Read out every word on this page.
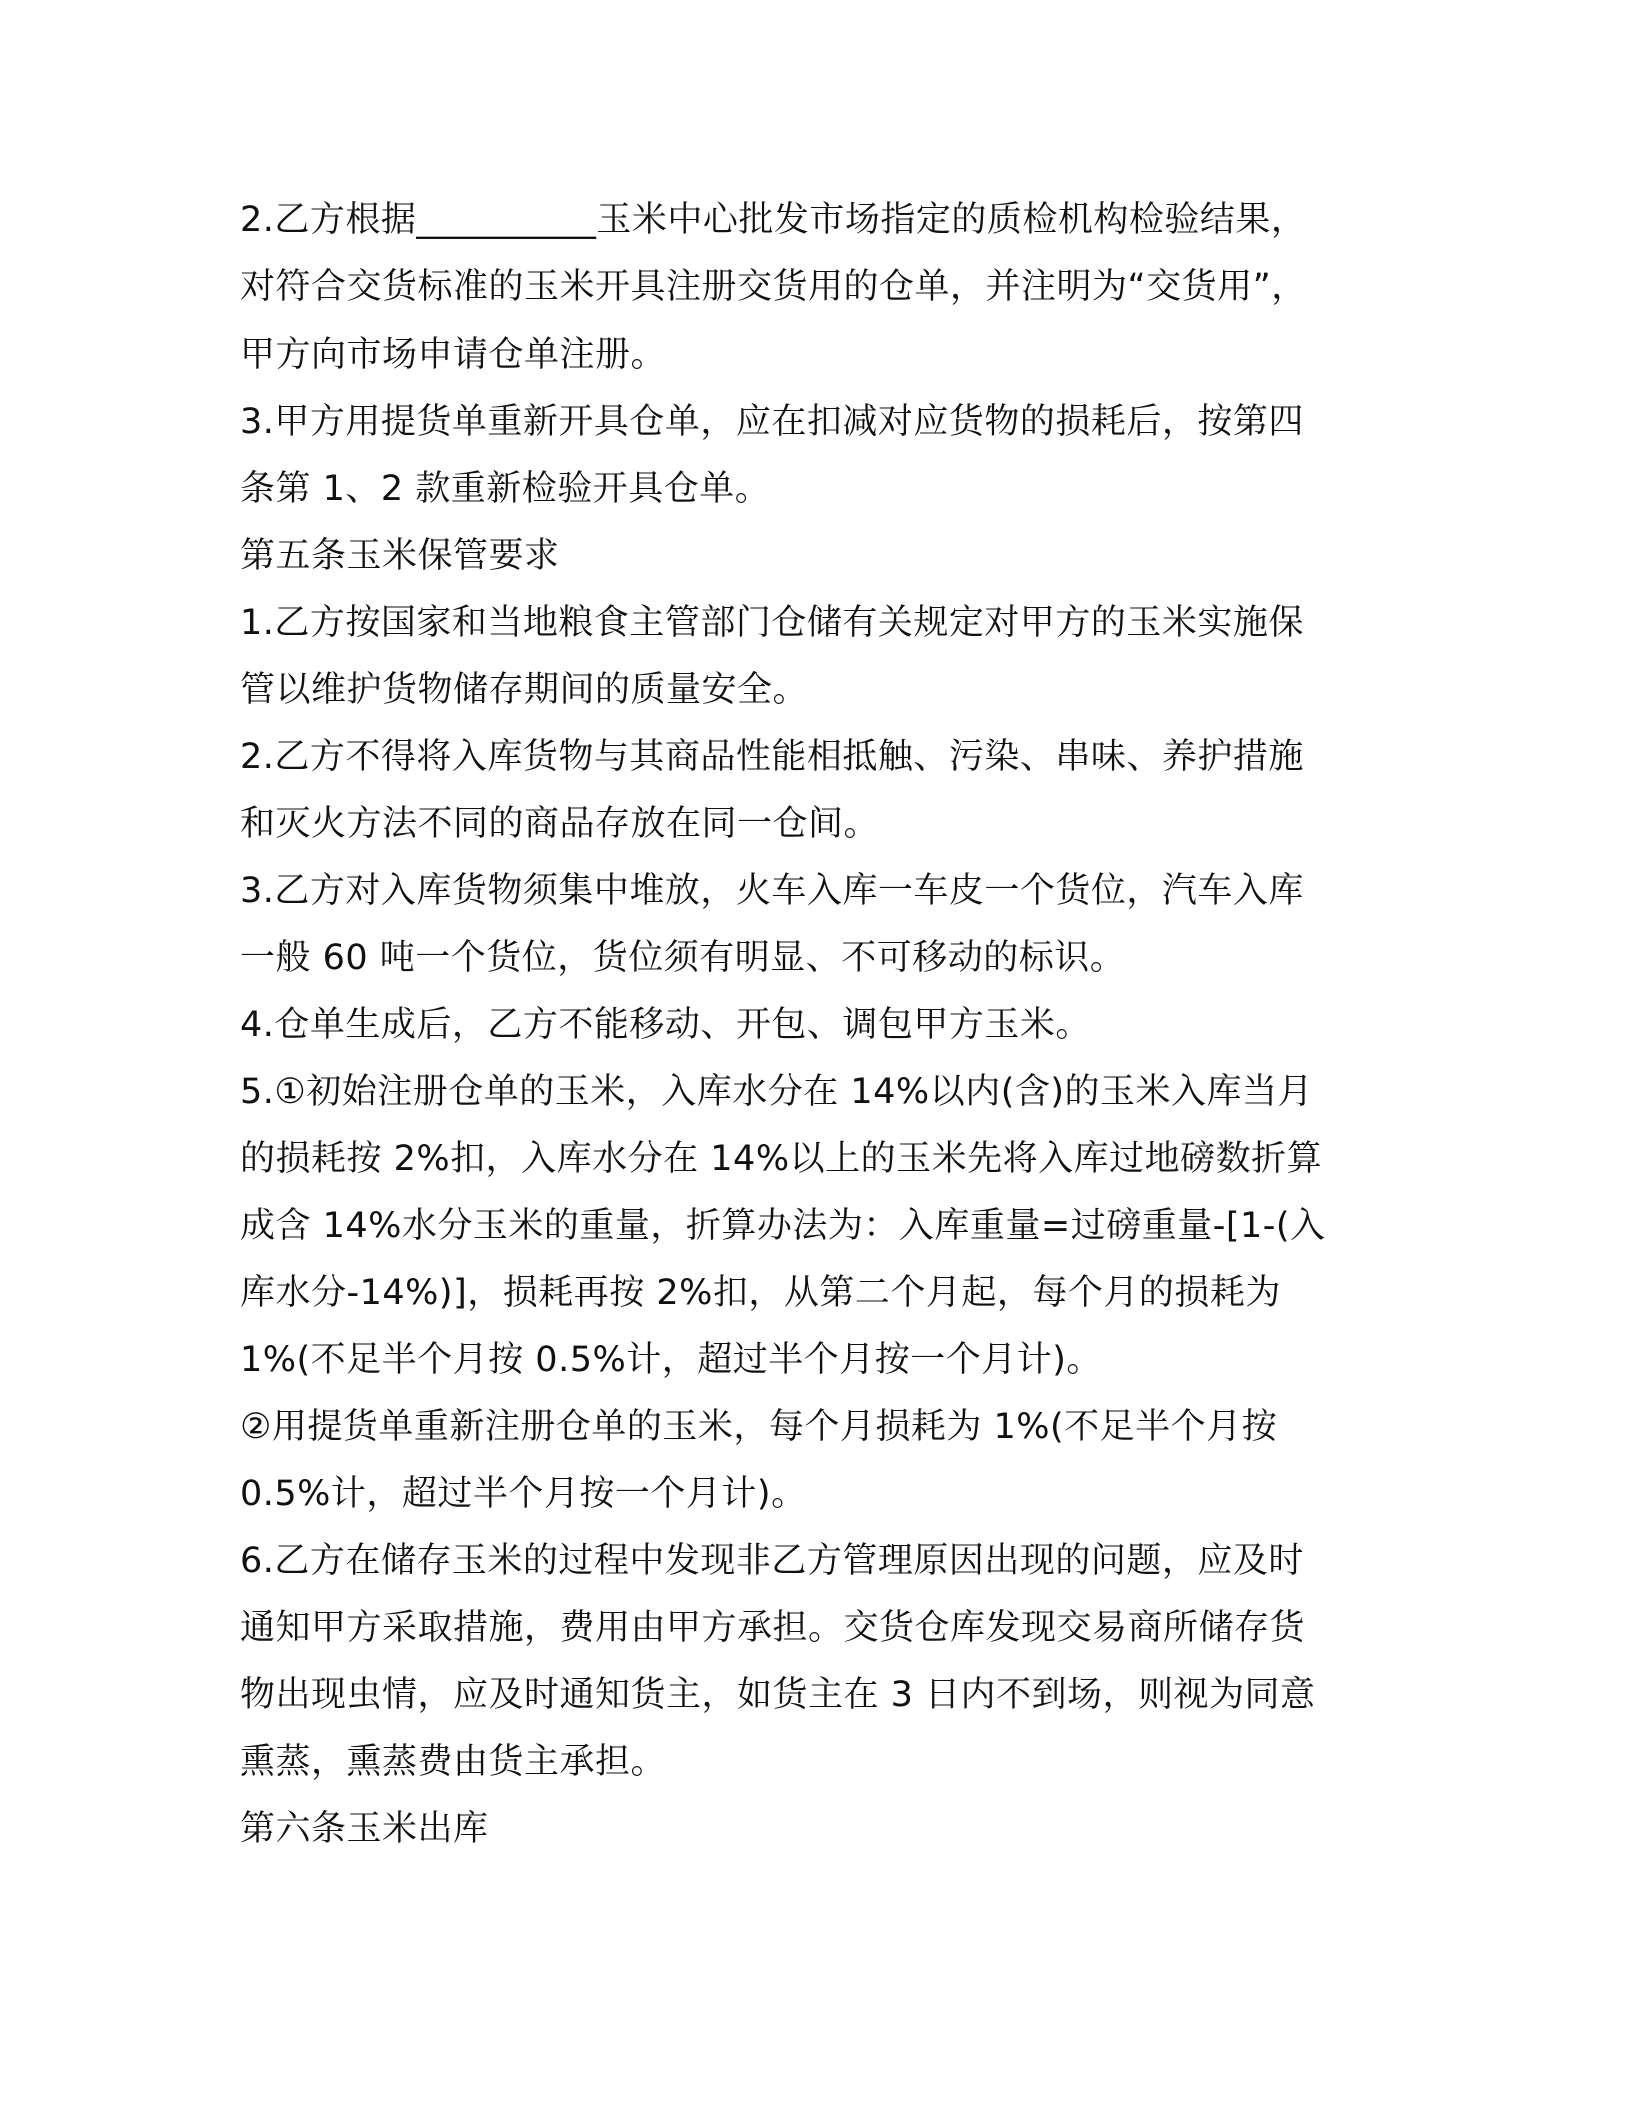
2.乙方根据__________玉米中心批发市场指定的质检机构检验结果，
对符合交货标准的玉米开具注册交货用的仓单，并注明为“交货用”，
甲方向市场申请仓单注册。
3.甲方用提货单重新开具仓单，应在扣减对应货物的损耗后，按第四
条第 1、2 款重新检验开具仓单。
第五条玉米保管要求
1.乙方按国家和当地粮食主管部门仓储有关规定对甲方的玉米实施保
管以维护货物储存期间的质量安全。
2.乙方不得将入库货物与其商品性能相抵触、污染、串味、养护措施
和灭火方法不同的商品存放在同一仓间。
3.乙方对入库货物须集中堆放，火车入库一车皮一个货位，汽车入库
一般 60 吨一个货位，货位须有明显、不可移动的标识。
4.仓单生成后，乙方不能移动、开包、调包甲方玉米。
5.①初始注册仓单的玉米，入库水分在 14%以内(含)的玉米入库当月
的损耗按 2%扣，入库水分在 14%以上的玉米先将入库过地磅数折算
成含 14%水分玉米的重量，折算办法为：入库重量=过磅重量-[1-(入
库水分-14%)]，损耗再按 2%扣，从第二个月起，每个月的损耗为
1%(不足半个月按 0.5%计，超过半个月按一个月计)。
②用提货单重新注册仓单的玉米，每个月损耗为 1%(不足半个月按
0.5%计，超过半个月按一个月计)。
6.乙方在储存玉米的过程中发现非乙方管理原因出现的问题，应及时
通知甲方采取措施，费用由甲方承担。交货仓库发现交易商所储存货
物出现虫情，应及时通知货主，如货主在 3 日内不到场，则视为同意
熏蒸，熏蒸费由货主承担。
第六条玉米出库
